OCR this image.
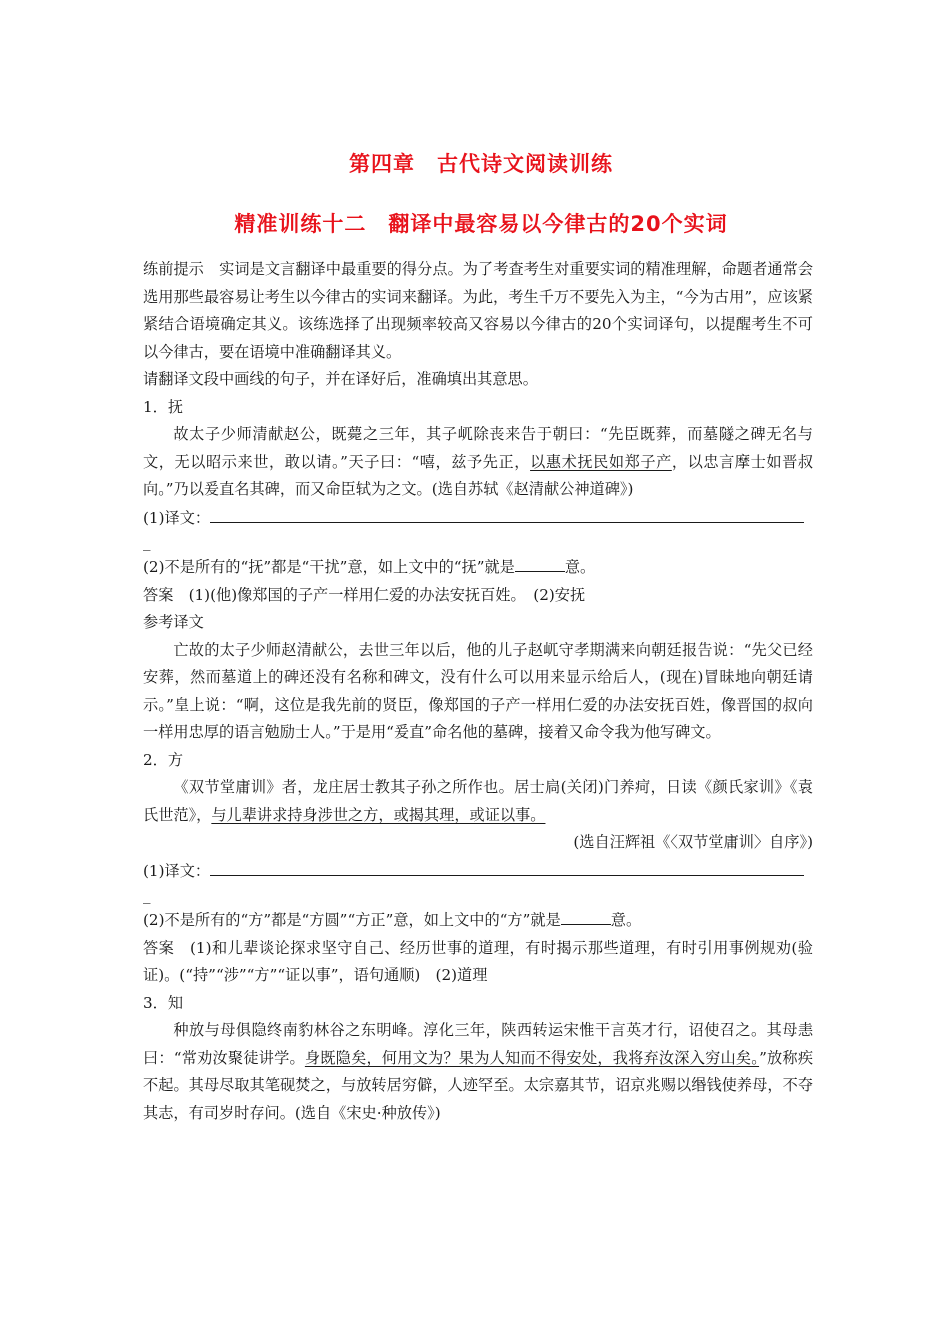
第四章　古代诗文阅读训练
精准训练十二　翻译中最容易以今律古的20个实词

练前提示　实词是文言翻译中最重要的得分点。为了考查考生对重要实词的精准理解，命题者通常会选用那些最容易让考生以今律古的实词来翻译。为此，考生千万不要先入为主，“今为古用”，应该紧紧结合语境确定其义。该练选择了出现频率较高又容易以今律古的20个实词译句，以提醒考生不可以今律古，要在语境中准确翻译其义。

请翻译文段中画线的句子，并在译好后，准确填出其意思。

1．抚

故太子少师清献赵公，既薨之三年，其子屼除丧来告于朝曰：“先臣既葬，而墓隧之碑无名与文，无以昭示来世，敢以请。”天子曰：“嘻，兹予先正，以惠术抚民如郑子产，以忠言摩士如晋叔向。”乃以爰直名其碑，而又命臣轼为之文。(选自苏轼《赵清献公神道碑》)

(1)译文：

_

(2)不是所有的“抚”都是“干扰”意，如上文中的“抚”就是	意。

答案　(1)(他)像郑国的子产一样用仁爱的办法安抚百姓。　(2)安抚

参考译文

亡故的太子少师赵清献公，去世三年以后，他的儿子赵屼守孝期满来向朝廷报告说：“先父已经安葬，然而墓道上的碑还没有名称和碑文，没有什么可以用来显示给后人，(现在)冒昧地向朝廷请示。”皇上说：“啊，这位是我先前的贤臣，像郑国的子产一样用仁爱的办法安抚百姓，像晋国的叔向一样用忠厚的语言勉励士人。”于是用“爰直”命名他的墓碑，接着又命令我为他写碑文。

2．方

《双节堂庸训》者，龙庄居士教其子孙之所作也。居士扃(关闭)门养疴，日读《颜氏家训》《袁氏世范》，与儿辈讲求持身涉世之方，或揭其理，或证以事。

(选自汪辉祖《〈双节堂庸训〉自序》)

(1)译文：

_

(2)不是所有的“方”都是“方圆”“方正”意，如上文中的“方”就是	意。

答案　(1)和儿辈谈论探求坚守自己、经历世事的道理，有时揭示那些道理，有时引用事例规劝(验证)。(“持”“涉”“方”“证以事”，语句通顺)　(2)道理

3．知

种放与母俱隐终南豹林谷之东明峰。淳化三年，陕西转运宋惟干言英才行，诏使召之。其母恚曰：“常劝汝聚徒讲学。身既隐矣，何用文为？果为人知而不得安处，我将弃汝深入穷山矣。”放称疾不起。其母尽取其笔砚焚之，与放转居穷僻，人迹罕至。太宗嘉其节，诏京兆赐以缗钱使养母，不夺其志，有司岁时存问。(选自《宋史·种放传》)
